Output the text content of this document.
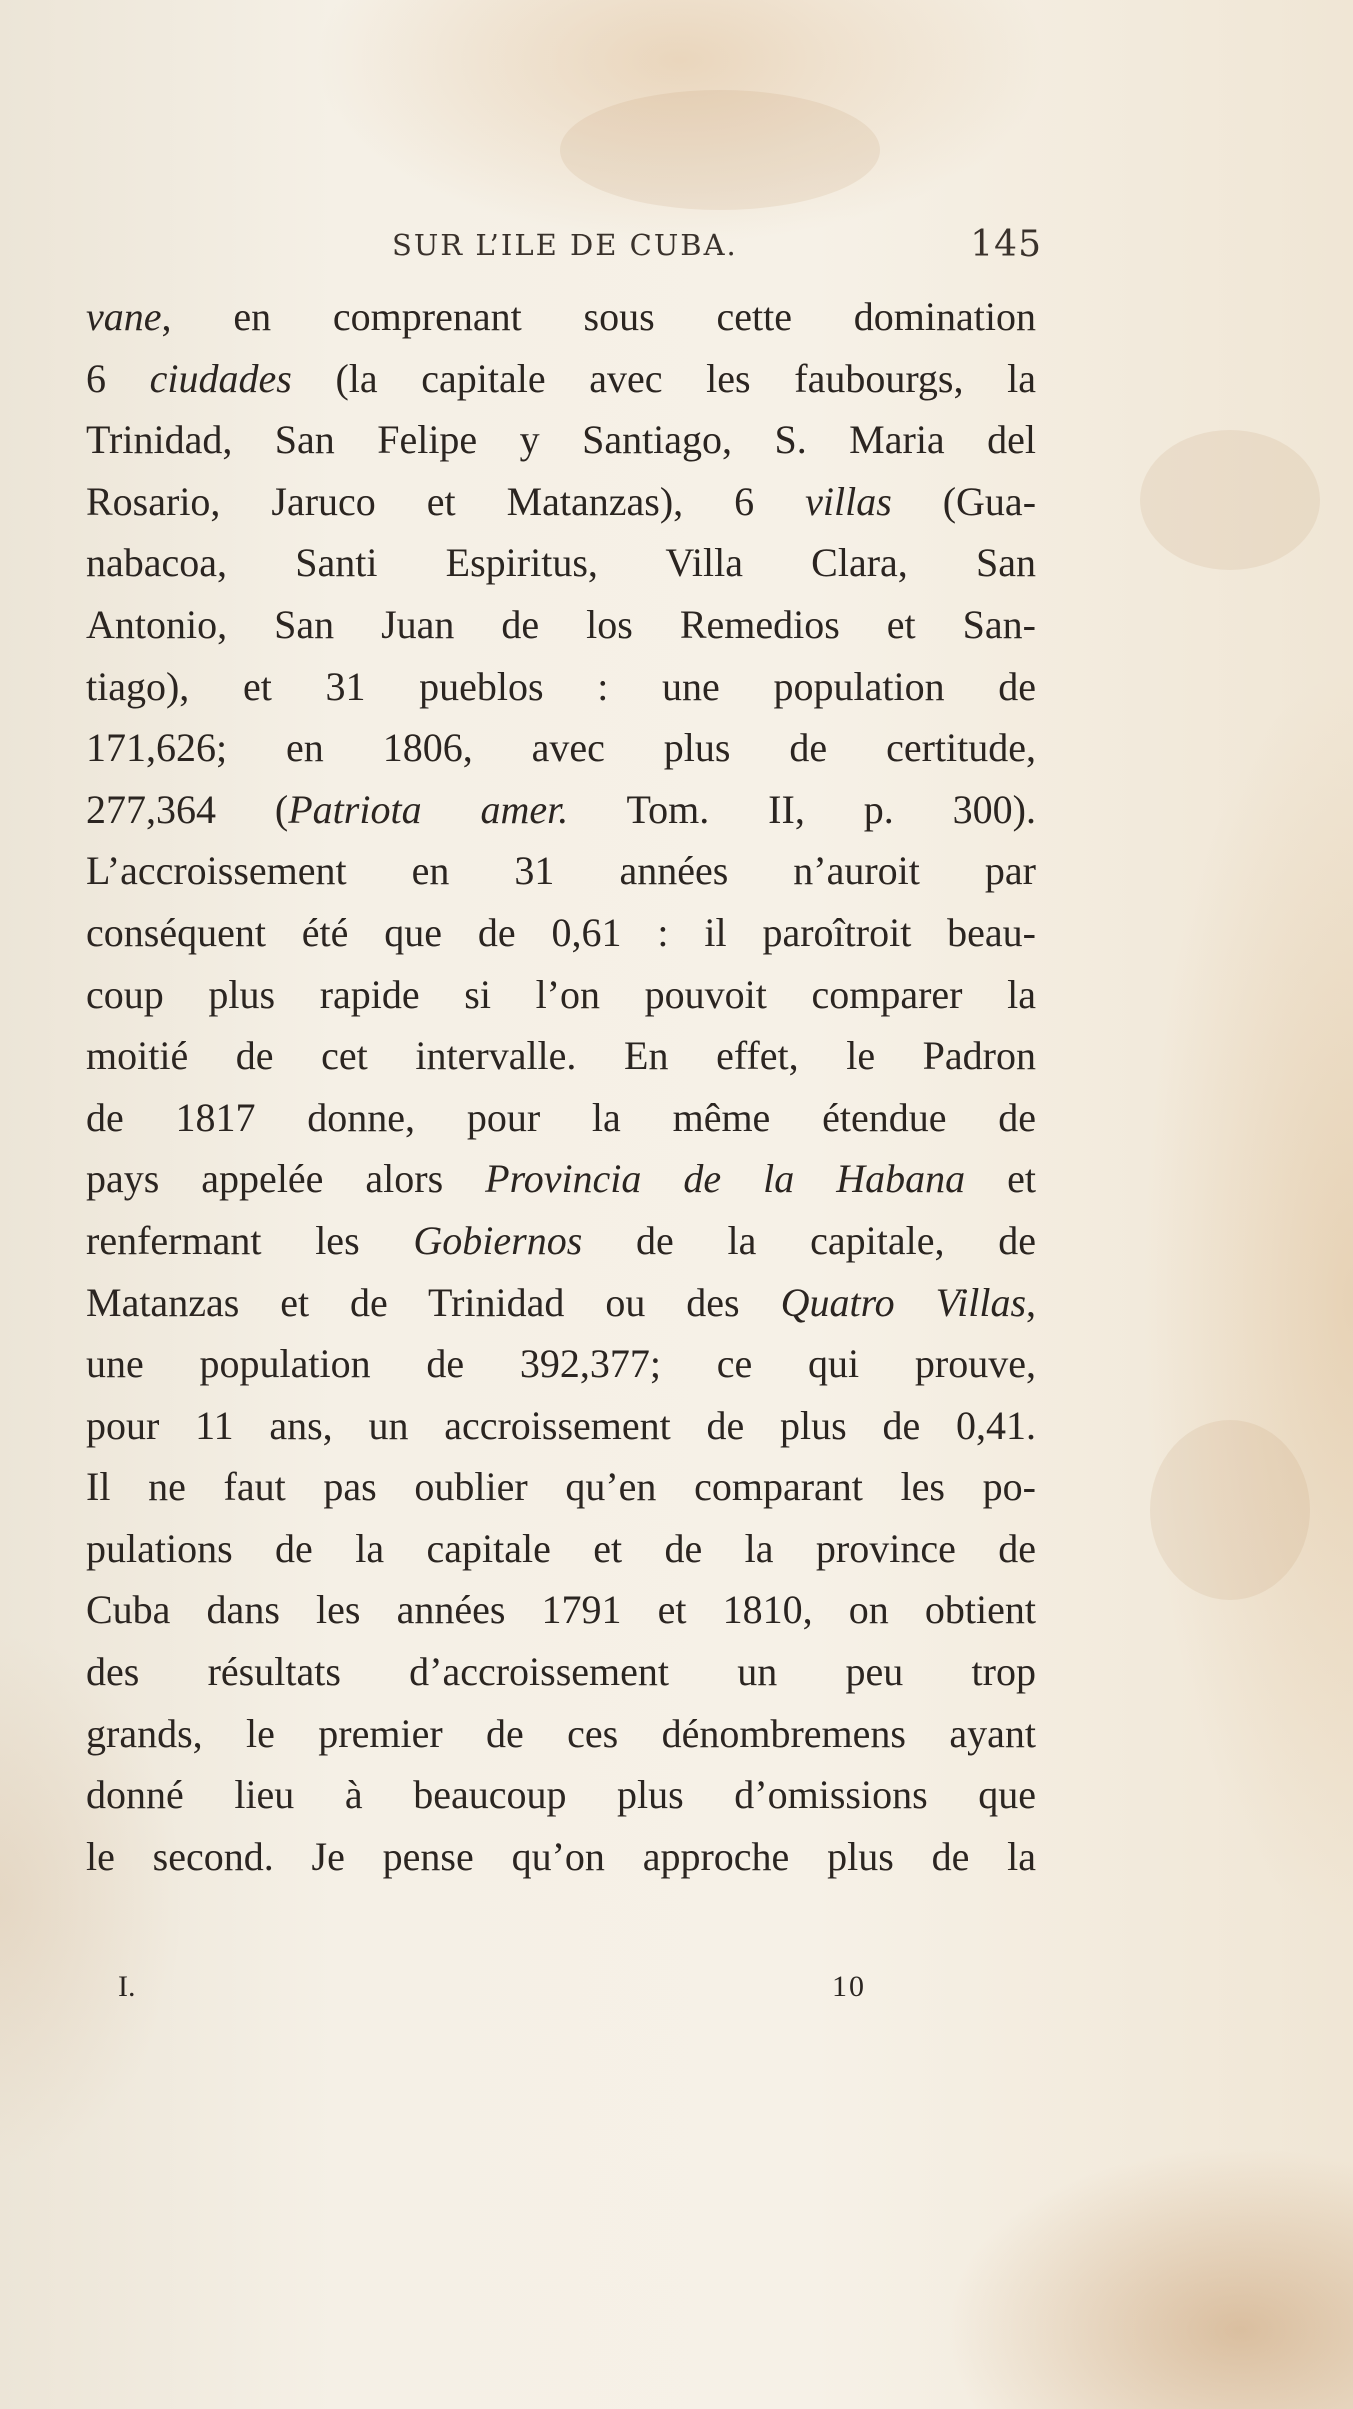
SUR L’ILE DE CUBA.	145
vane, en comprenant sous cette domination
6 ciudades (la capitale avec les faubourgs, la
Trinidad, San Felipe y Santiago, S. Maria del
Rosario, Jaruco et Matanzas), 6 villas (Gua-
nabacoa, Santi Espiritus, Villa Clara, San
Antonio, San Juan de los Remedios et San-
tiago), et 31 pueblos : une population de
171,626; en 1806, avec plus de certitude,
277,364 (Patriota amer. Tom. II, p. 300).
L’accroissement en 31 années n’auroit par
conséquent été que de 0,61 : il paroîtroit beau-
coup plus rapide si l’on pouvoit comparer la
moitié de cet intervalle. En effet, le Padron
de 1817 donne, pour la même étendue de
pays appelée alors Provincia de la Habana et
renfermant les Gobiernos de la capitale, de
Matanzas et de Trinidad ou des Quatro Villas,
une population de 392,377; ce qui prouve,
pour 11 ans, un accroissement de plus de 0,41.
Il ne faut pas oublier qu’en comparant les po-
pulations de la capitale et de la province de
Cuba dans les années 1791 et 1810, on obtient
des résultats d’accroissement un peu trop
grands, le premier de ces dénombremens ayant
donné lieu à beaucoup plus d’omissions que
le second. Je pense qu’on approche plus de la
I.	10
